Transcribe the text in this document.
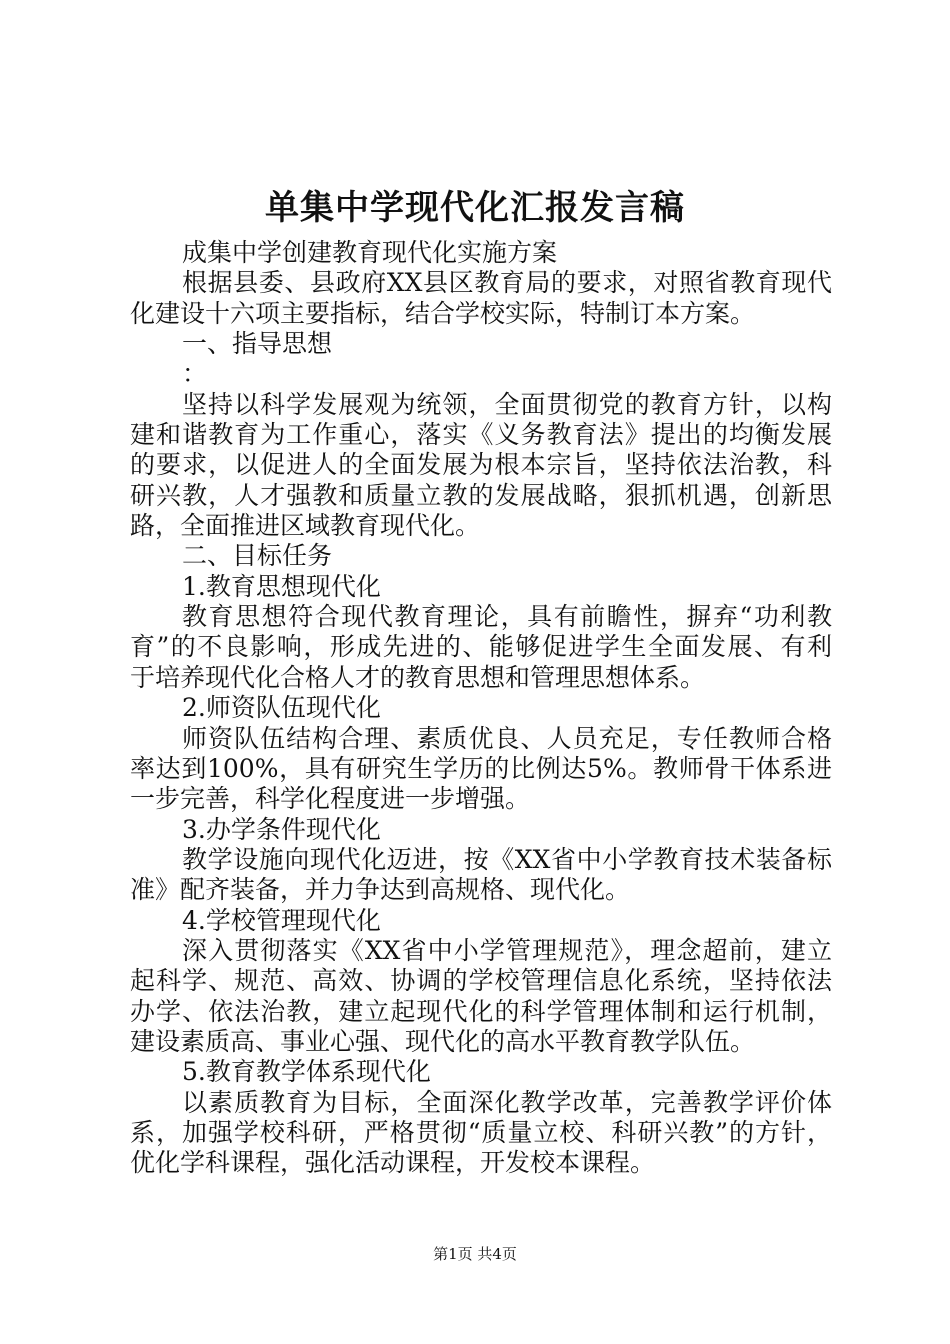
单集中学现代化汇报发言稿
成集中学创建教育现代化实施方案
根据县委、县政府XX县区教育局的要求，对照省教育现代
化建设十六项主要指标，结合学校实际，特制订本方案。
一、指导思想
：
坚持以科学发展观为统领，全面贯彻党的教育方针，以构
建和谐教育为工作重心，落实《义务教育法》提出的均衡发展
的要求，以促进人的全面发展为根本宗旨，坚持依法治教，科
研兴教，人才强教和质量立教的发展战略，狠抓机遇，创新思
路，全面推进区域教育现代化。
二、目标任务
1.教育思想现代化
教育思想符合现代教育理论，具有前瞻性，摒弃“功利教
育”的不良影响，形成先进的、能够促进学生全面发展、有利
于培养现代化合格人才的教育思想和管理思想体系。
2.师资队伍现代化
师资队伍结构合理、素质优良、人员充足，专任教师合格
率达到100%，具有研究生学历的比例达5%。教师骨干体系进
一步完善，科学化程度进一步增强。
3.办学条件现代化
教学设施向现代化迈进，按《XX省中小学教育技术装备标
准》配齐装备，并力争达到高规格、现代化。
4.学校管理现代化
深入贯彻落实《XX省中小学管理规范》，理念超前，建立
起科学、规范、高效、协调的学校管理信息化系统，坚持依法
办学、依法治教，建立起现代化的科学管理体制和运行机制，
建设素质高、事业心强、现代化的高水平教育教学队伍。
5.教育教学体系现代化
以素质教育为目标，全面深化教学改革，完善教学评价体
系，加强学校科研，严格贯彻“质量立校、科研兴教”的方针，
优化学科课程，强化活动课程，开发校本课程。
第1页 共4页
